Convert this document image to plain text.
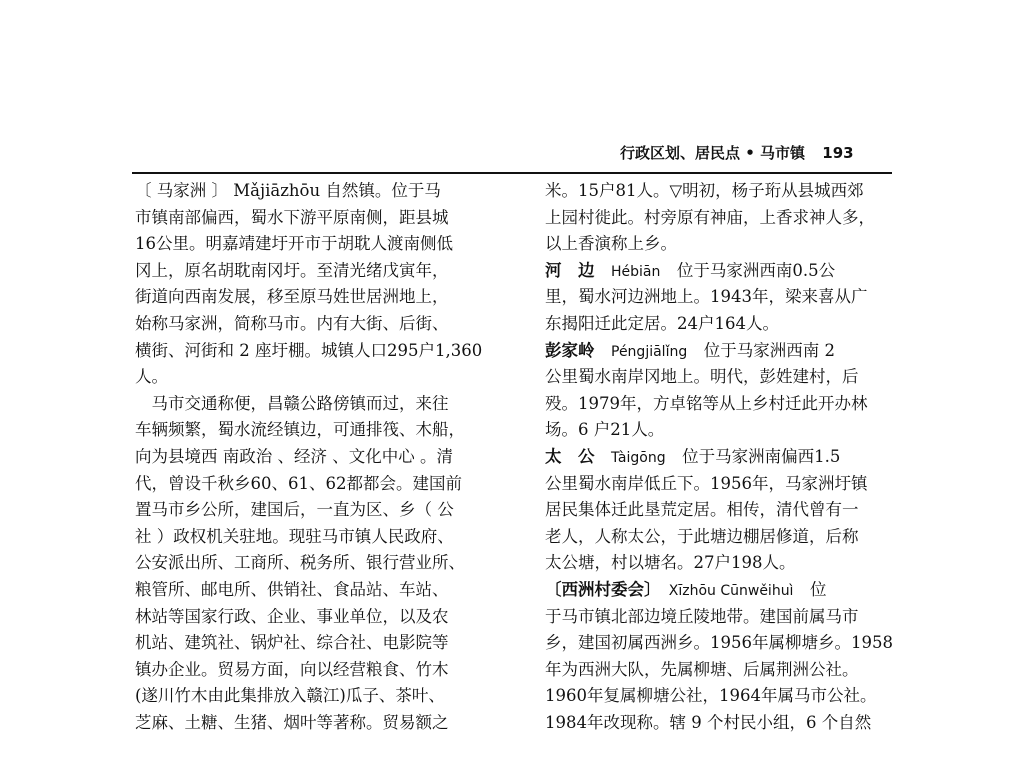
行政区划、居民点 • 马市镇 193
〔 马家洲 〕 Mǎjiāzhōu 自然镇。位于马
市镇南部偏西，蜀水下游平原南侧，距县城
16公里。明嘉靖建圩开市于胡耽人渡南侧低
冈上，原名胡耽南冈圩。至清光绪戊寅年，
街道向西南发展，移至原马姓世居洲地上，
始称马家洲，简称马市。内有大街、后街、
横街、河街和 2 座圩棚。城镇人口295户1,360
人。
　马市交通称便，昌赣公路傍镇而过，来往
车辆频繁，蜀水流经镇边，可通排筏、木船，
向为县境西 南政治 、经济 、文化中心 。清
代，曾设千秋乡60、61、62都都会。建国前
置马市乡公所，建国后，一直为区、乡（ 公
社 ）政权机关驻地。现驻马市镇人民政府、
公安派出所、工商所、税务所、银行营业所、
粮管所、邮电所、供销社、食品站、车站、
林站等国家行政、企业、事业单位，以及农
机站、建筑社、锅炉社、综合社、电影院等
镇办企业。贸易方面，向以经营粮食、竹木
(遂川竹木由此集排放入赣江)瓜子、茶叶、
芝麻、土糖、生猪、烟叶等著称。贸易额之
米。15户81人。▽明初，杨子珩从县城西郊
上园村徙此。村旁原有神庙，上香求神人多，
以上香演称上乡。
河　边　 Hébiān　 位于马家洲西南0.5公
里，蜀水河边洲地上。1943年，梁来喜从广
东揭阳迁此定居。24户164人。
彭家岭　 Péngjiālǐng　 位于马家洲西南 2
公里蜀水南岸冈地上。明代，彭姓建村，后
殁。1979年，方卓铭等从上乡村迁此开办林
场。6 户21人。
太　公　 Tàigōng　 位于马家洲南偏西1.5
公里蜀水南岸低丘下。1956年，马家洲圩镇
居民集体迁此垦荒定居。相传，清代曾有一
老人，人称太公，于此塘边棚居修道，后称
太公塘，村以塘名。27户198人。
〔西洲村委会〕　 Xīzhōu Cūnwěihuì　 位
于马市镇北部边境丘陵地带。建国前属马市
乡，建国初属西洲乡。1956年属柳塘乡。1958
年为西洲大队，先属柳塘、后属荆洲公社。
1960年复属柳塘公社，1964年属马市公社。
1984年改现称。辖 9 个村民小组，6 个自然
